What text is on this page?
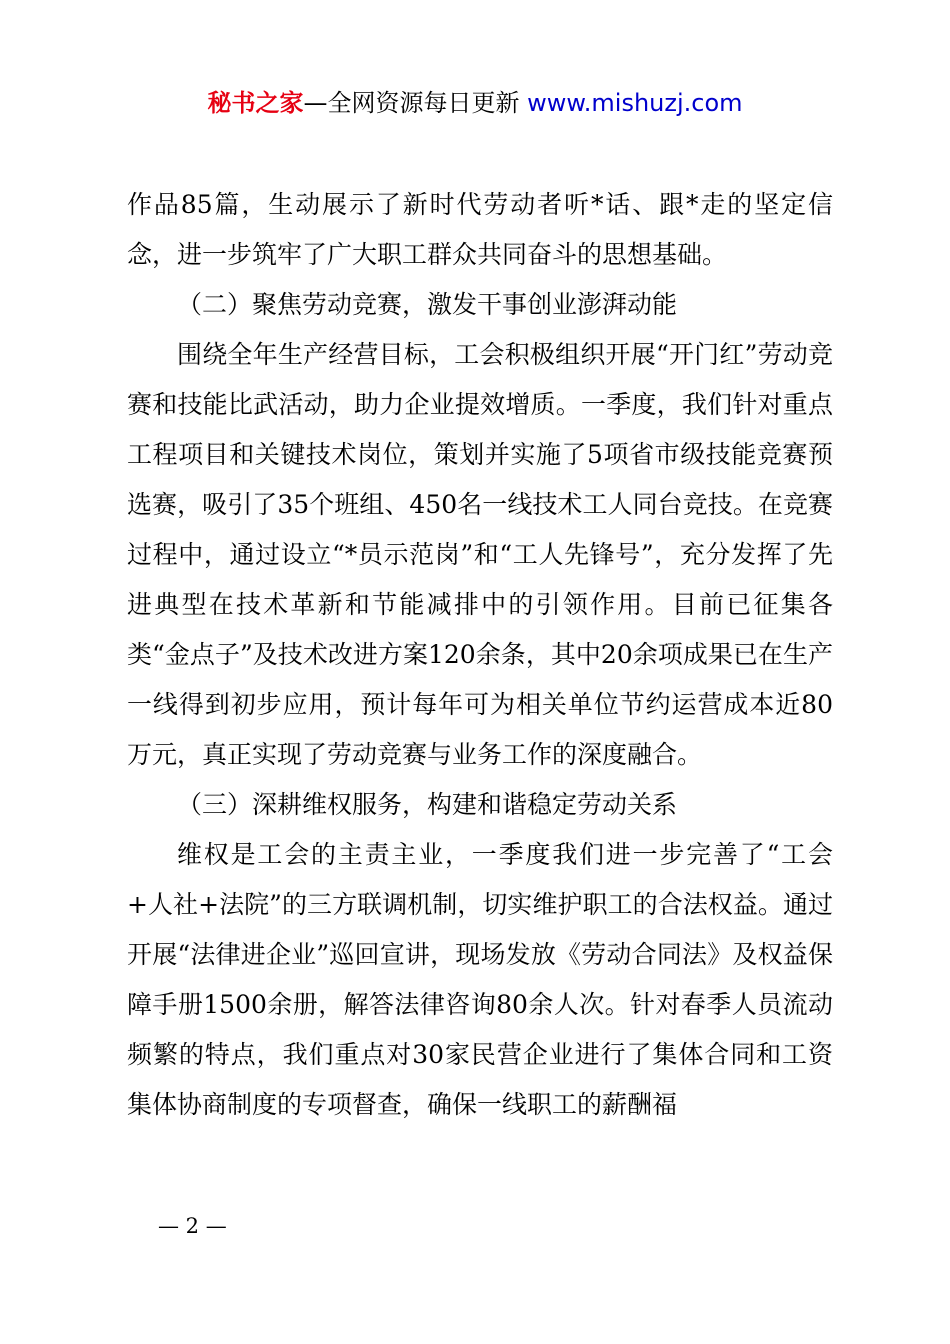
秘书之家—全网资源每日更新 www.mishuzj.com

作品85篇，生动展示了新时代劳动者听*话、跟*走的坚定信念，进一步筑牢了广大职工群众共同奋斗的思想基础。

（二）聚焦劳动竞赛，激发干事创业澎湃动能

围绕全年生产经营目标，工会积极组织开展“开门红”劳动竞赛和技能比武活动，助力企业提效增质。一季度，我们针对重点工程项目和关键技术岗位，策划并实施了5项省市级技能竞赛预选赛，吸引了35个班组、450名一线技术工人同台竞技。在竞赛过程中，通过设立“*员示范岗”和“工人先锋号”，充分发挥了先进典型在技术革新和节能减排中的引领作用。目前已征集各类“金点子”及技术改进方案120余条，其中20余项成果已在生产一线得到初步应用，预计每年可为相关单位节约运营成本近80万元，真正实现了劳动竞赛与业务工作的深度融合。

（三）深耕维权服务，构建和谐稳定劳动关系

维权是工会的主责主业，一季度我们进一步完善了“工会+人社+法院”的三方联调机制，切实维护职工的合法权益。通过开展“法律进企业”巡回宣讲，现场发放《劳动合同法》及权益保障手册1500余册，解答法律咨询80余人次。针对春季人员流动频繁的特点，我们重点对30家民营企业进行了集体合同和工资集体协商制度的专项督查，确保一线职工的薪酬福

— 2 —
